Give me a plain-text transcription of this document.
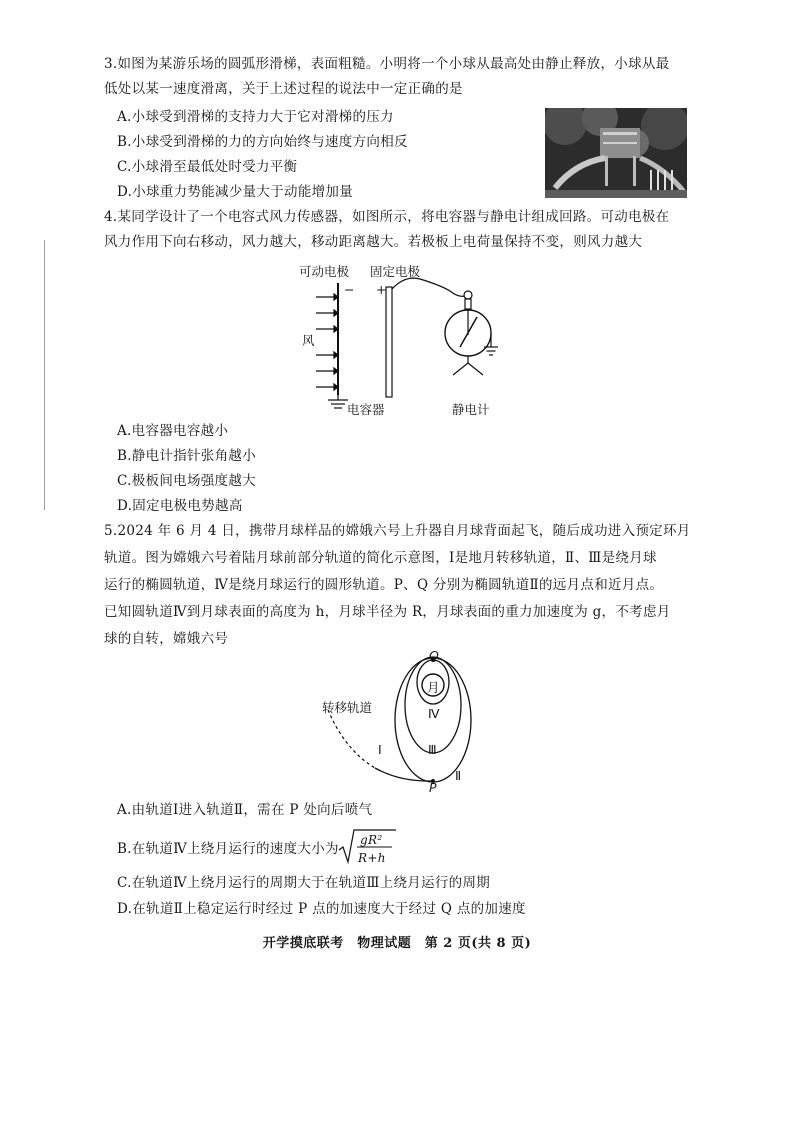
3.如图为某游乐场的圆弧形滑梯，表面粗糙。小明将一个小球从最高处由静止释放，小球从最
低处以某一速度滑离，关于上述过程的说法中一定正确的是
A.小球受到滑梯的支持力大于它对滑梯的压力
B.小球受到滑梯的力的方向始终与速度方向相反
C.小球滑至最低处时受力平衡
D.小球重力势能减少量大于动能增加量
4.某同学设计了一个电容式风力传感器，如图所示，将电容器与静电计组成回路。可动电极在
风力作用下向右移动，风力越大，移动距离越大。若极板上电荷量保持不变，则风力越大
可动电极 固定电极
− +
风
电容器	静电计
A.电容器电容越小
B.静电计指针张角越小
C.极板间电场强度越大
D.固定电极电势越高
5.2024 年 6 月 4 日，携带月球样品的嫦娥六号上升器自月球背面起飞，随后成功进入预定环月
轨道。图为嫦娥六号着陆月球前部分轨道的简化示意图，Ⅰ是地月转移轨道，Ⅱ、Ⅲ是绕月球
运行的椭圆轨道，Ⅳ是绕月球运行的圆形轨道。P、Q 分别为椭圆轨道Ⅱ的远月点和近月点。
已知圆轨道Ⅳ到月球表面的高度为 h，月球半径为 R，月球表面的重力加速度为 g，不考虑月
球的自转，嫦娥六号
转移轨道
Q
月
Ⅳ
Ⅲ
Ⅰ
Ⅱ
P
A.由轨道Ⅰ进入轨道Ⅱ，需在 P 处向后喷气
B.在轨道Ⅳ上绕月运行的速度大小为
gR²
R+h
C.在轨道Ⅳ上绕月运行的周期大于在轨道Ⅲ上绕月运行的周期
D.在轨道Ⅱ上稳定运行时经过 P 点的加速度大于经过 Q 点的加速度
开学摸底联考　物理试题　第 2 页(共 8 页)
